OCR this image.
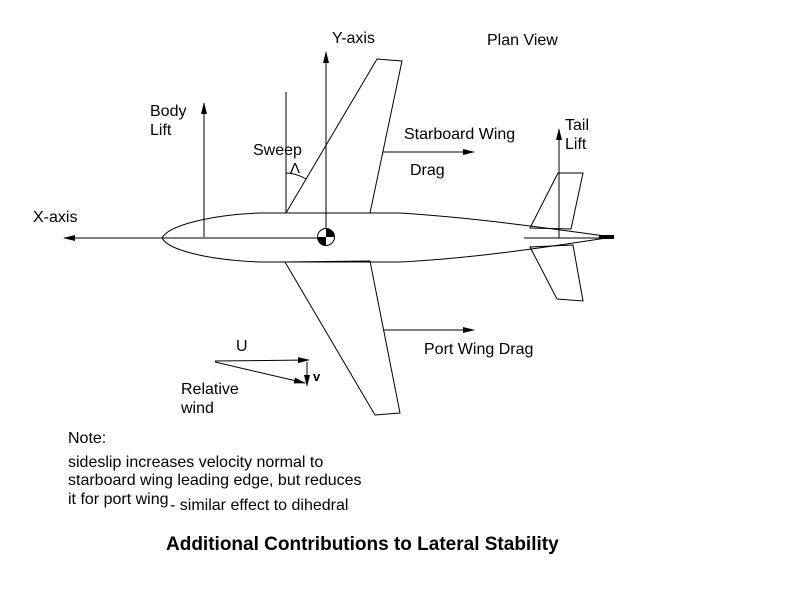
Y-axis	Plan View
Body Lift
Sweep
Λ
Starboard Wing
Drag
Tail Lift
X-axis
U
v
Relative wind
Port Wing Drag
Note:
sideslip increases velocity normal to
starboard wing leading edge, but reduces
it for port wing - similar effect to dihedral
Additional Contributions to Lateral Stability
